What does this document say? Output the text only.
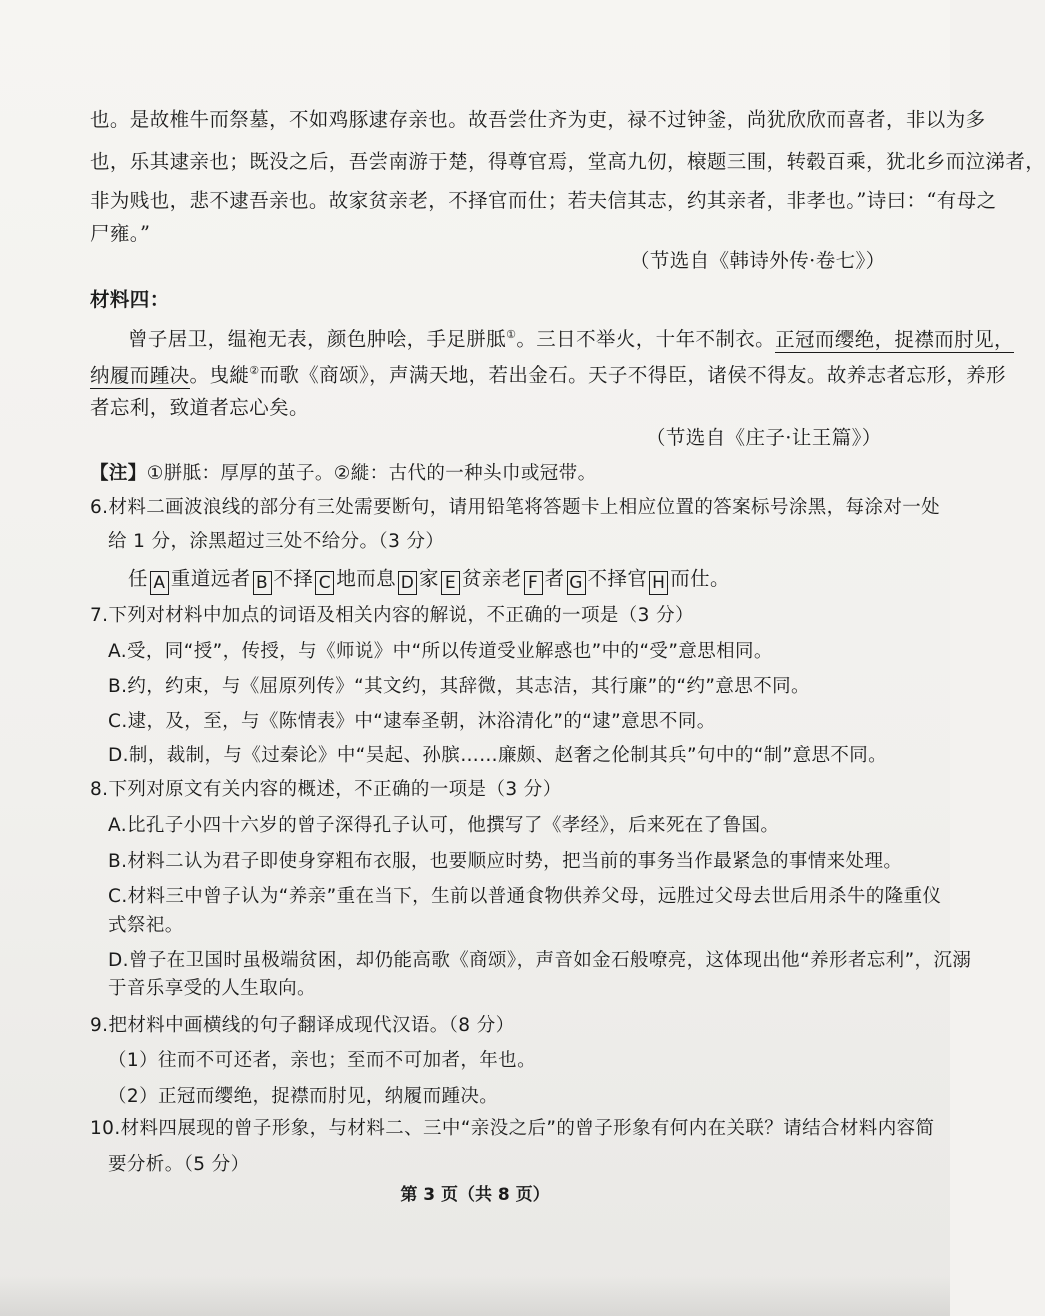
也。是故椎牛而祭墓，不如鸡豚逮存亲也。故吾尝仕齐为吏，禄不过钟釜，尚犹欣欣而喜者，非以为多
也，乐其逮亲也；既没之后，吾尝南游于楚，得尊官焉，堂高九仞，榱题三围，转毂百乘，犹北乡而泣涕者，
非为贱也，悲不逮吾亲也。故家贫亲老，不择官而仕；若夫信其志，约其亲者，非孝也。”诗曰：“有母之
尸雍。”
（节选自《韩诗外传·卷七》）
材料四：
曾子居卫，缊袍无表，颜色肿哙，手足胼胝①。三日不举火，十年不制衣。正冠而缨绝，捉襟而肘见，
纳履而踵决。曳縰②而歌《商颂》，声满天地，若出金石。天子不得臣，诸侯不得友。故养志者忘形，养形
者忘利，致道者忘心矣。
（节选自《庄子·让王篇》）
【注】①胼胝：厚厚的茧子。②縰：古代的一种头巾或冠带。
6.材料二画波浪线的部分有三处需要断句，请用铅笔将答题卡上相应位置的答案标号涂黑，每涂对一处
给 1 分，涂黑超过三处不给分。（3 分）
任 A 重道远者 B 不择 C 地而息 D 家 E 贫亲老 F 者 G 不择官 H 而仕。
7.下列对材料中加点的词语及相关内容的解说，不正确的一项是（3 分）
A.受，同“授”，传授，与《师说》中“所以传道受业解惑也”中的“受”意思相同。
B.约，约束，与《屈原列传》“其文约，其辞微，其志洁，其行廉”的“约”意思不同。
C.逮，及，至，与《陈情表》中“逮奉圣朝，沐浴清化”的“逮”意思不同。
D.制，裁制，与《过秦论》中“吴起、孙膑……廉颇、赵奢之伦制其兵”句中的“制”意思不同。
8.下列对原文有关内容的概述，不正确的一项是（3 分）
A.比孔子小四十六岁的曾子深得孔子认可，他撰写了《孝经》，后来死在了鲁国。
B.材料二认为君子即使身穿粗布衣服，也要顺应时势，把当前的事务当作最紧急的事情来处理。
C.材料三中曾子认为“养亲”重在当下，生前以普通食物供养父母，远胜过父母去世后用杀牛的隆重仪
式祭祀。
D.曾子在卫国时虽极端贫困，却仍能高歌《商颂》，声音如金石般嘹亮，这体现出他“养形者忘利”，沉溺
于音乐享受的人生取向。
9.把材料中画横线的句子翻译成现代汉语。（8 分）
（1）往而不可还者，亲也；至而不可加者，年也。
（2）正冠而缨绝，捉襟而肘见，纳履而踵决。
10.材料四展现的曾子形象，与材料二、三中“亲没之后”的曾子形象有何内在关联？请结合材料内容简
要分析。（5 分）
第 3 页（共 8 页）
